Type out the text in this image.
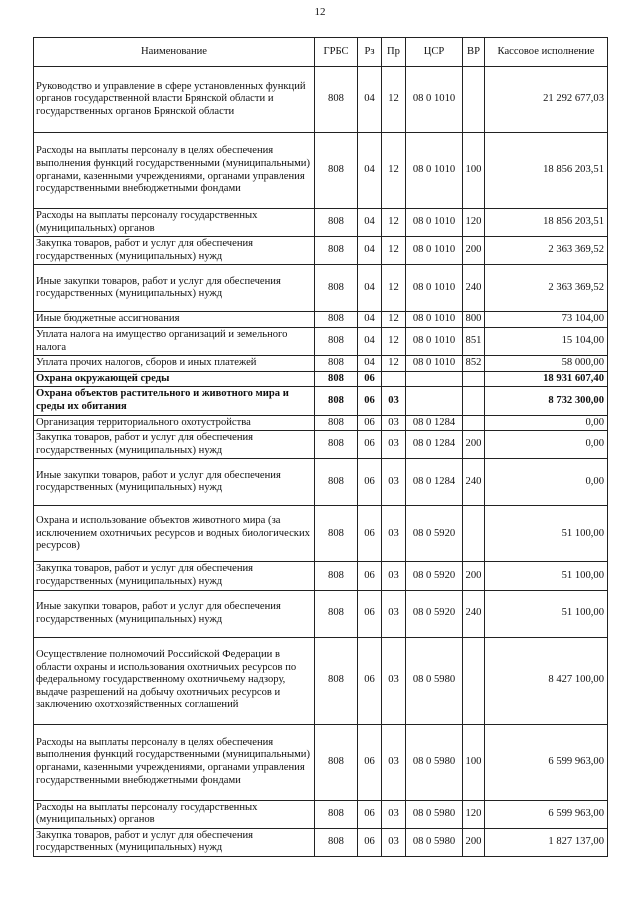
12
Наименование	ГРБС	Рз	Пр	ЦСР	ВР	Кассовое исполнение
Руководство и управление в сфере установленных функций органов государственной власти Брянской области и государственных органов Брянской области	808	04	12	08 0 1010		21 292 677,03
Расходы на выплаты персоналу в целях обеспечения выполнения функций государственными (муниципальными) органами, казенными учреждениями, органами управления государственными внебюджетными фондами	808	04	12	08 0 1010	100	18 856 203,51
Расходы на выплаты персоналу государственных (муниципальных) органов	808	04	12	08 0 1010	120	18 856 203,51
Закупка товаров, работ и услуг для обеспечения государственных (муниципальных) нужд	808	04	12	08 0 1010	200	2 363 369,52
Иные закупки товаров, работ и услуг для обеспечения государственных (муниципальных) нужд	808	04	12	08 0 1010	240	2 363 369,52
Иные бюджетные ассигнования	808	04	12	08 0 1010	800	73 104,00
Уплата налога на имущество организаций и земельного налога	808	04	12	08 0 1010	851	15 104,00
Уплата прочих налогов, сборов и иных платежей	808	04	12	08 0 1010	852	58 000,00
Охрана окружающей среды	808	06				18 931 607,40
Охрана объектов растительного и животного мира и среды их обитания	808	06	03			8 732 300,00
Организация территориального охотустройства	808	06	03	08 0 1284		0,00
Закупка товаров, работ и услуг для обеспечения государственных (муниципальных) нужд	808	06	03	08 0 1284	200	0,00
Иные закупки товаров, работ и услуг для обеспечения государственных (муниципальных) нужд	808	06	03	08 0 1284	240	0,00
Охрана и использование объектов животного мира (за исключением охотничьих ресурсов и водных биологических ресурсов)	808	06	03	08 0 5920		51 100,00
Закупка товаров, работ и услуг для обеспечения государственных (муниципальных) нужд	808	06	03	08 0 5920	200	51 100,00
Иные закупки товаров, работ и услуг для обеспечения государственных (муниципальных) нужд	808	06	03	08 0 5920	240	51 100,00
Осуществление полномочий Российской Федерации в области охраны и использования охотничьих ресурсов по федеральному государственному охотничьему надзору, выдаче разрешений на добычу охотничьих ресурсов и заключению охотхозяйственных соглашений	808	06	03	08 0 5980		8 427 100,00
Расходы на выплаты персоналу в целях обеспечения выполнения функций государственными (муниципальными) органами, казенными учреждениями, органами управления государственными внебюджетными фондами	808	06	03	08 0 5980	100	6 599 963,00
Расходы на выплаты персоналу государственных (муниципальных) органов	808	06	03	08 0 5980	120	6 599 963,00
Закупка товаров, работ и услуг для обеспечения государственных (муниципальных) нужд	808	06	03	08 0 5980	200	1 827 137,00
